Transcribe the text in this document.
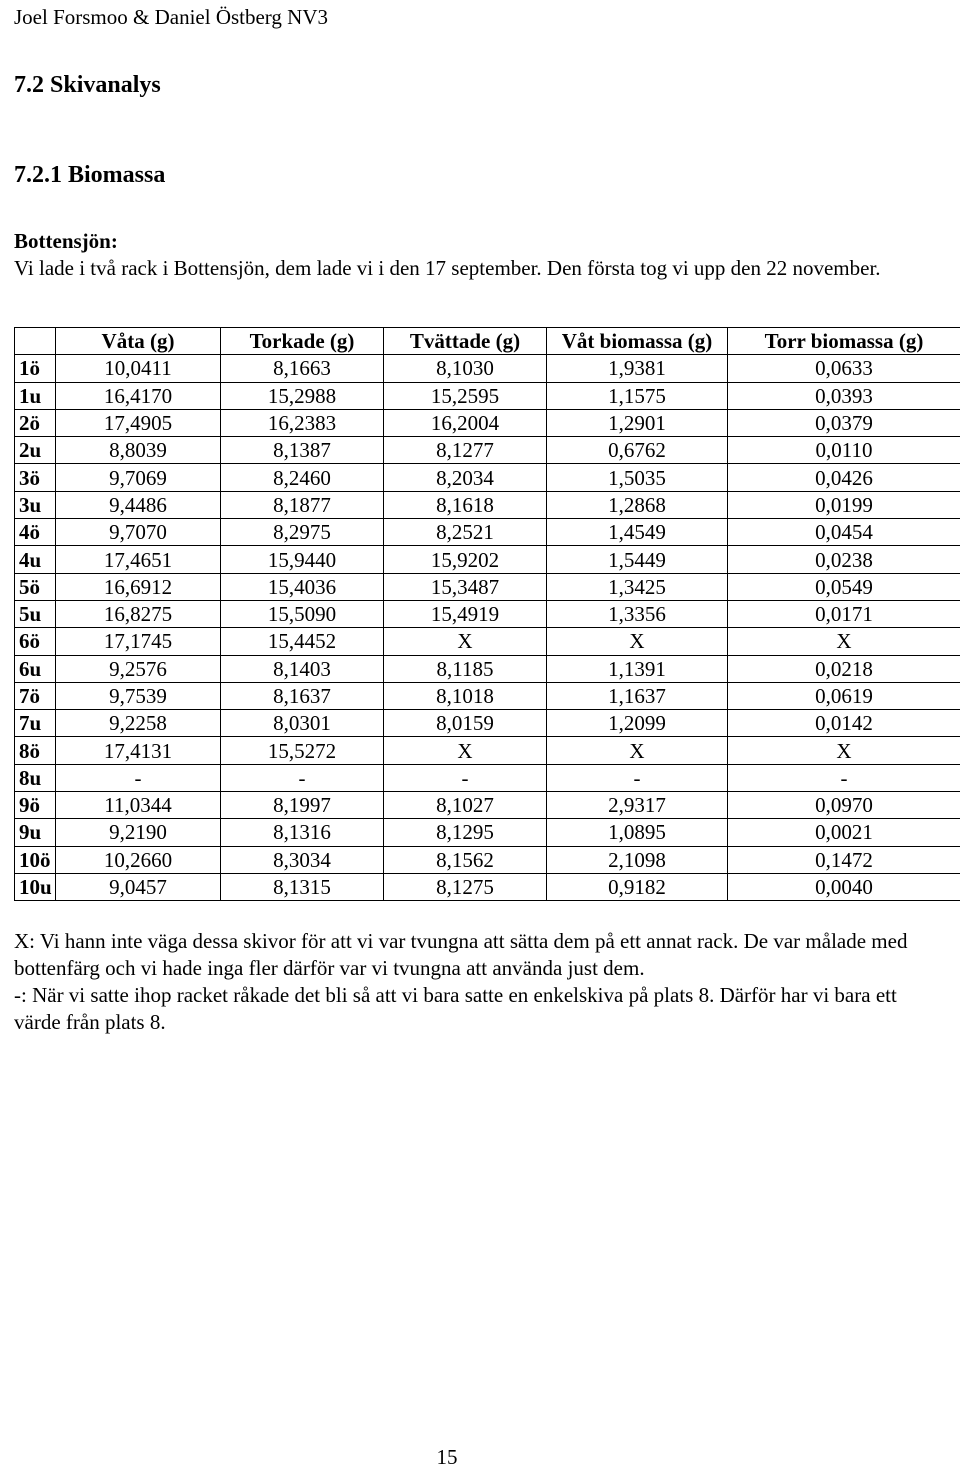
Joel Forsmoo & Daniel Östberg NV3
7.2 Skivanalys
7.2.1 Biomassa
Bottensjön:
Vi lade i två rack i Bottensjön, dem lade vi i den 17 september. Den första tog vi upp den 22 november.
	Våta (g)	Torkade (g)	Tvättade (g)	Våt biomassa (g)	Torr biomassa (g)
1ö	10,0411	8,1663	8,1030	1,9381	0,0633
1u	16,4170	15,2988	15,2595	1,1575	0,0393
2ö	17,4905	16,2383	16,2004	1,2901	0,0379
2u	8,8039	8,1387	8,1277	0,6762	0,0110
3ö	9,7069	8,2460	8,2034	1,5035	0,0426
3u	9,4486	8,1877	8,1618	1,2868	0,0199
4ö	9,7070	8,2975	8,2521	1,4549	0,0454
4u	17,4651	15,9440	15,9202	1,5449	0,0238
5ö	16,6912	15,4036	15,3487	1,3425	0,0549
5u	16,8275	15,5090	15,4919	1,3356	0,0171
6ö	17,1745	15,4452	X	X	X
6u	9,2576	8,1403	8,1185	1,1391	0,0218
7ö	9,7539	8,1637	8,1018	1,1637	0,0619
7u	9,2258	8,0301	8,0159	1,2099	0,0142
8ö	17,4131	15,5272	X	X	X
8u	-	-	-	-	-
9ö	11,0344	8,1997	8,1027	2,9317	0,0970
9u	9,2190	8,1316	8,1295	1,0895	0,0021
10ö	10,2660	8,3034	8,1562	2,1098	0,1472
10u	9,0457	8,1315	8,1275	0,9182	0,0040

X: Vi hann inte väga dessa skivor för att vi var tvungna att sätta dem på ett annat rack. De var målade med bottenfärg och vi hade inga fler därför var vi tvungna att använda just dem.

-: När vi satte ihop racket råkade det bli så att vi bara satte en enkelskiva på plats 8. Därför har vi bara ett värde från plats 8.

15
